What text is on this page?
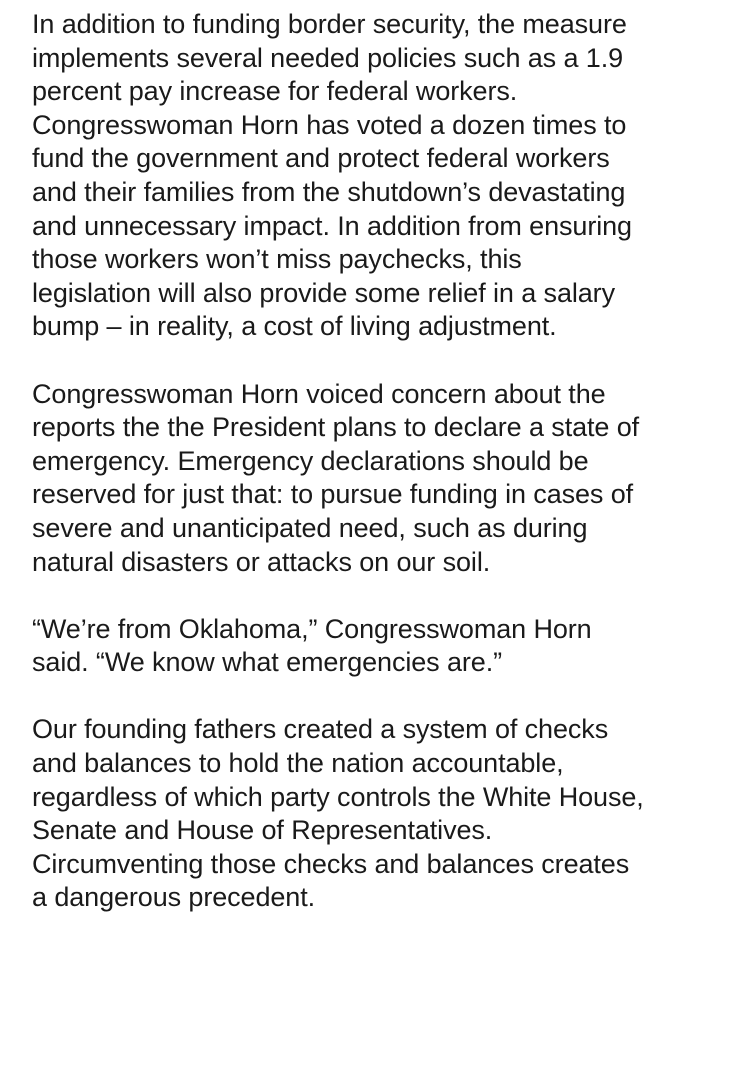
In addition to funding border security, the measure
implements several needed policies such as a 1.9
percent pay increase for federal workers.
Congresswoman Horn has voted a dozen times to
fund the government and protect federal workers
and their families from the shutdown’s devastating
and unnecessary impact. In addition from ensuring
those workers won’t miss paychecks, this
legislation will also provide some relief in a salary
bump – in reality, a cost of living adjustment.

Congresswoman Horn voiced concern about the
reports the the President plans to declare a state of
emergency. Emergency declarations should be
reserved for just that: to pursue funding in cases of
severe and unanticipated need, such as during
natural disasters or attacks on our soil.

“We’re from Oklahoma,” Congresswoman Horn
said. “We know what emergencies are.”

Our founding fathers created a system of checks
and balances to hold the nation accountable,
regardless of which party controls the White House,
Senate and House of Representatives.
Circumventing those checks and balances creates
a dangerous precedent.
